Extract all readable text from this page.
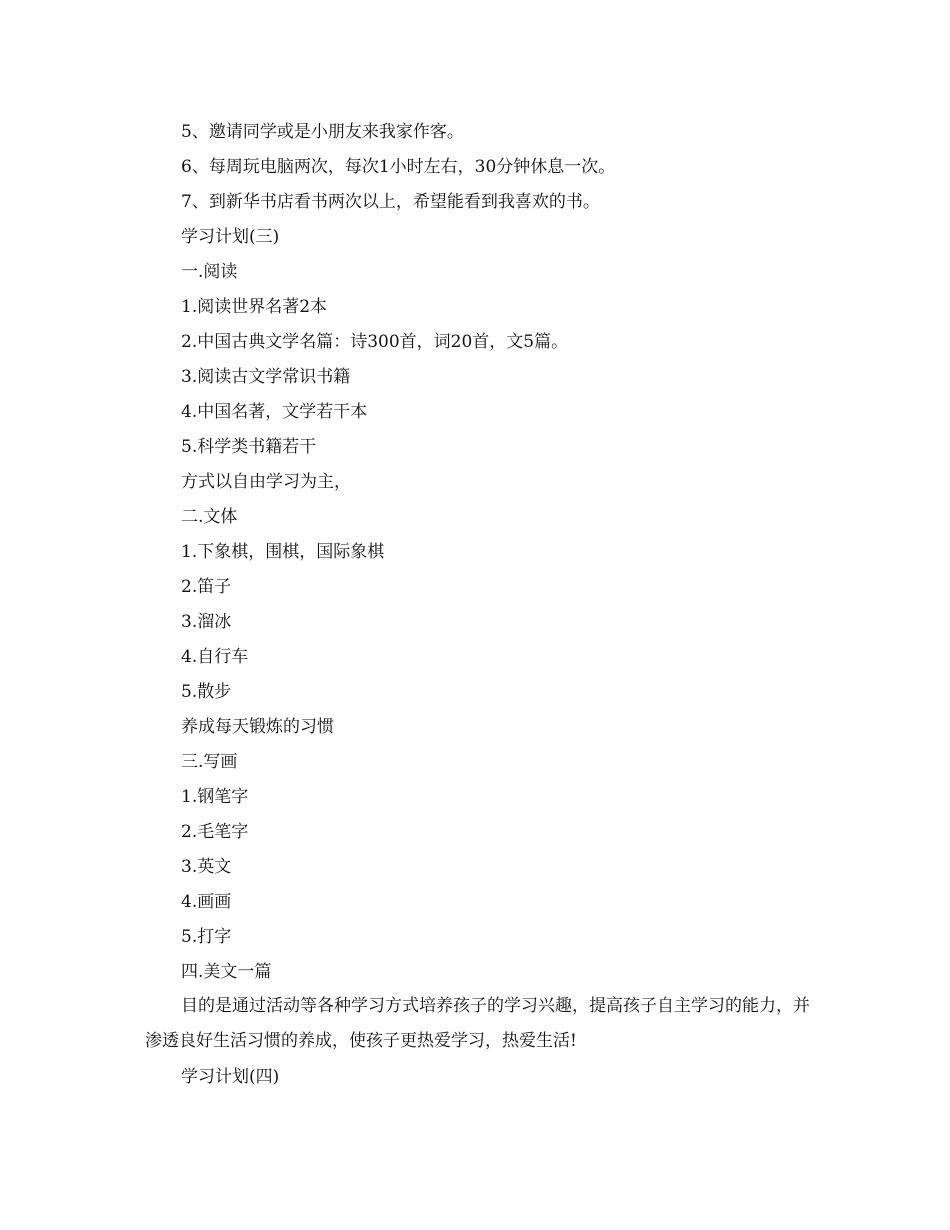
5、邀请同学或是小朋友来我家作客。
6、每周玩电脑两次，每次1小时左右，30分钟休息一次。
7、到新华书店看书两次以上，希望能看到我喜欢的书。
学习计划(三)
一.阅读
1.阅读世界名著2本
2.中国古典文学名篇：诗300首，词20首，文5篇。
3.阅读古文学常识书籍
4.中国名著，文学若干本
5.科学类书籍若干
方式以自由学习为主，
二.文体
1.下象棋，围棋，国际象棋
2.笛子
3.溜冰
4.自行车
5.散步
养成每天锻炼的习惯
三.写画
1.钢笔字
2.毛笔字
3.英文
4.画画
5.打字
四.美文一篇

目的是通过活动等各种学习方式培养孩子的学习兴趣，提高孩子自主学习的能力，并渗透良好生活习惯的养成，使孩子更热爱学习，热爱生活!

学习计划(四)
